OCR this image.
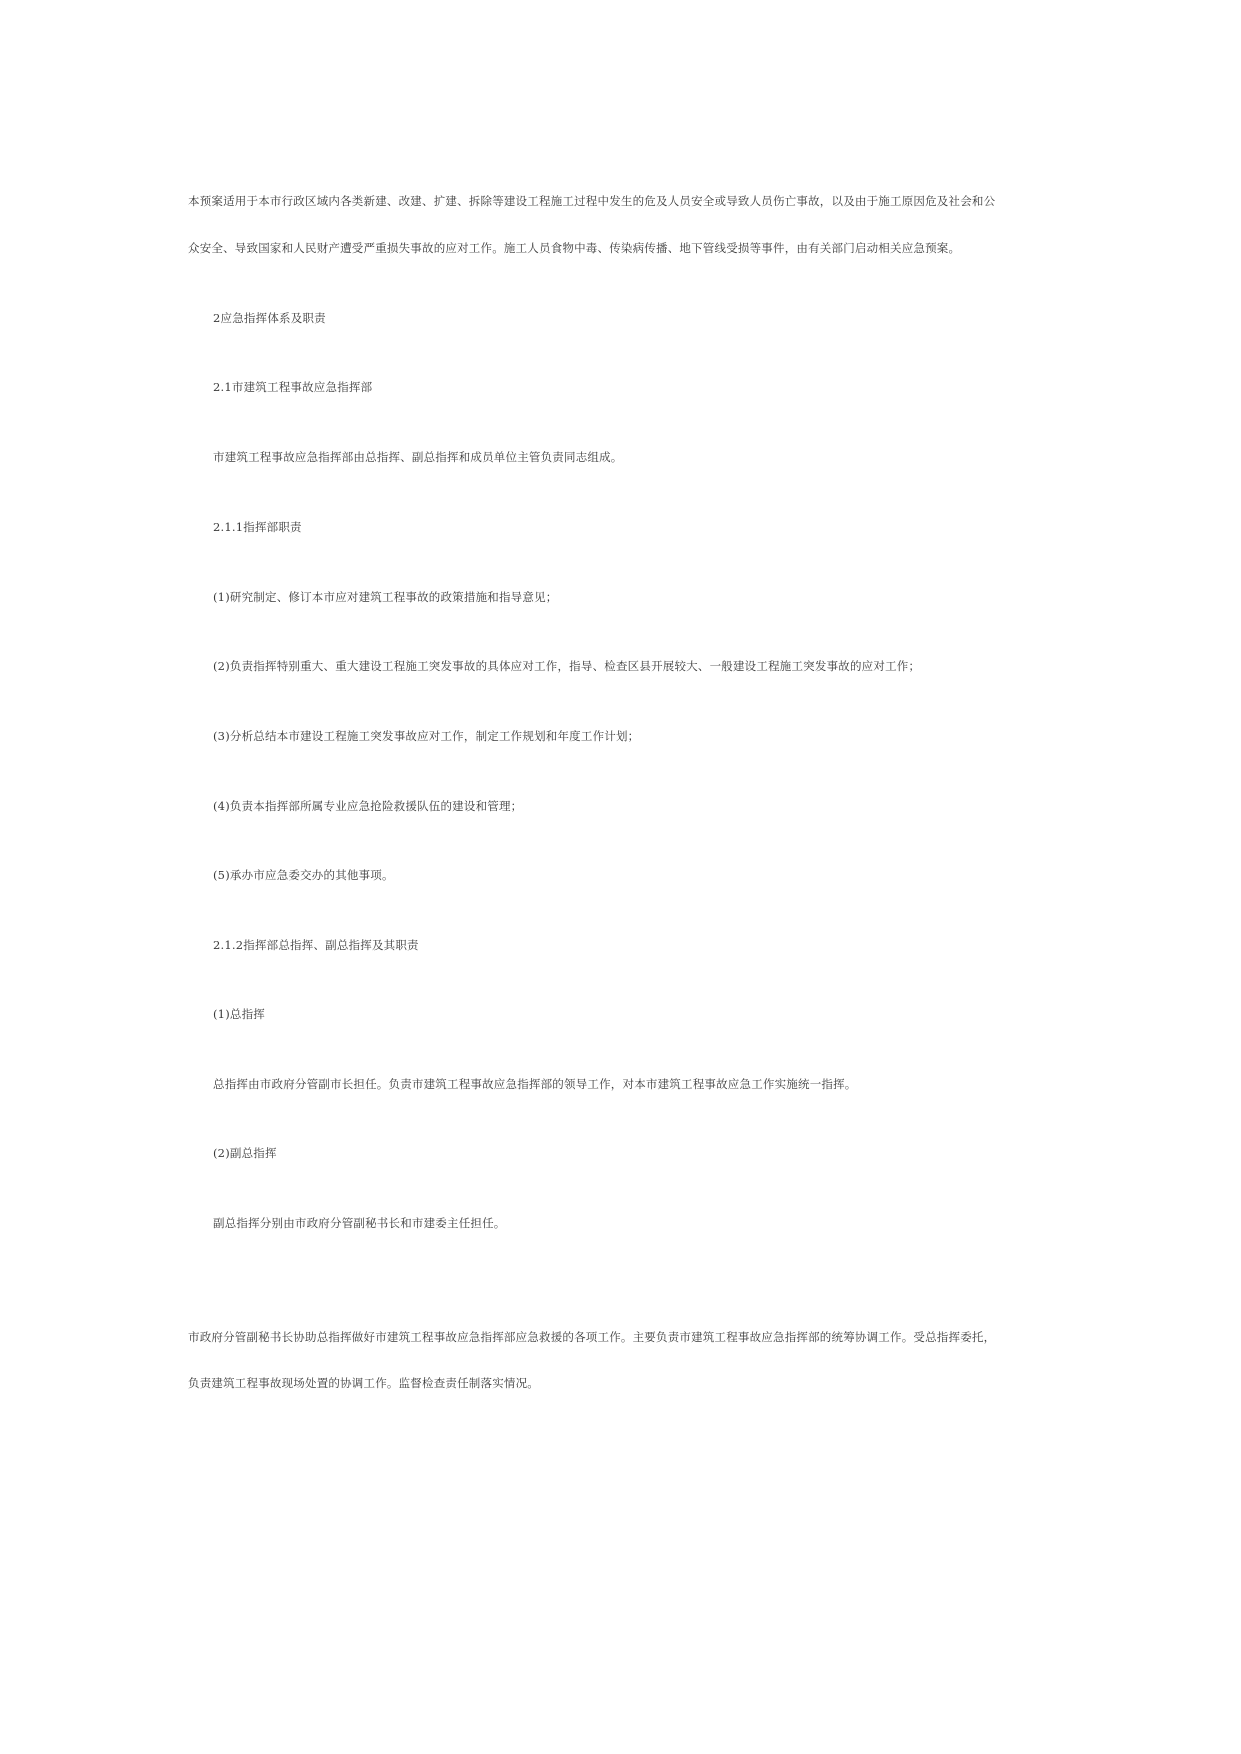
本预案适用于本市行政区域内各类新建、改建、扩建、拆除等建设工程施工过程中发生的危及人员安全或导致人员伤亡事故，以及由于施工原因危及社会和公
众安全、导致国家和人民财产遭受严重损失事故的应对工作。施工人员食物中毒、传染病传播、地下管线受损等事件，由有关部门启动相关应急预案。
2应急指挥体系及职责
2.1市建筑工程事故应急指挥部
市建筑工程事故应急指挥部由总指挥、副总指挥和成员单位主管负责同志组成。
2.1.1指挥部职责
(1)研究制定、修订本市应对建筑工程事故的政策措施和指导意见；
(2)负责指挥特别重大、重大建设工程施工突发事故的具体应对工作，指导、检查区县开展较大、一般建设工程施工突发事故的应对工作；
(3)分析总结本市建设工程施工突发事故应对工作，制定工作规划和年度工作计划；
(4)负责本指挥部所属专业应急抢险救援队伍的建设和管理；
(5)承办市应急委交办的其他事项。
2.1.2指挥部总指挥、副总指挥及其职责
(1)总指挥
总指挥由市政府分管副市长担任。负责市建筑工程事故应急指挥部的领导工作，对本市建筑工程事故应急工作实施统一指挥。
(2)副总指挥
副总指挥分别由市政府分管副秘书长和市建委主任担任。
市政府分管副秘书长协助总指挥做好市建筑工程事故应急指挥部应急救援的各项工作。主要负责市建筑工程事故应急指挥部的统筹协调工作。受总指挥委托，
负责建筑工程事故现场处置的协调工作。监督检查责任制落实情况。
